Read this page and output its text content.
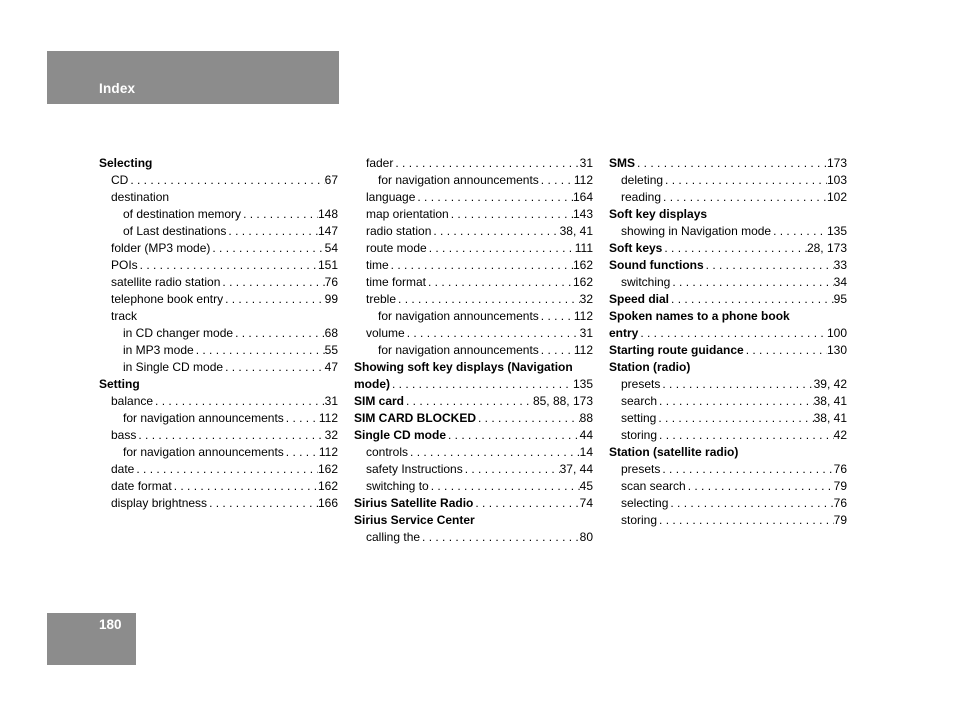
Index
Selecting
CD . . .	67
destination
of destination memory . . .	148
of Last destinations . . .	147
folder (MP3 mode) . . .	54
POIs . . .	151
satellite radio station . . .	76
telephone book entry . . .	99
track
in CD changer mode . . .	68
in MP3 mode . . .	55
in Single CD mode . . .	47
Setting
balance . . .	31
for navigation announcements . . .	112
bass . . .	32
for navigation announcements . . .	112
date . . .	162
date format . . .	162
display brightness . . .	166
fader . . .	31
for navigation announcements . . .	112
language . . .	164
map orientation . . .	143
radio station . . .	38, 41
route mode . . .	111
time . . .	162
time format . . .	162
treble . . .	32
for navigation announcements . . .	112
volume . . .	31
for navigation announcements . . .	112
Showing soft key displays (Navigation
mode) . . .	135
SIM card . . .	85, 88, 173
SIM CARD BLOCKED . . .	88
Single CD mode . . .	44
controls . . .	14
safety Instructions . . .	37, 44
switching to . . .	45
Sirius Satellite Radio . . .	74
Sirius Service Center
calling the . . .	80
SMS . . .	173
deleting . . .	103
reading . . .	102
Soft key displays
showing in Navigation mode . . .	135
Soft keys . . .	28, 173
Sound functions . . .	33
switching . . .	34
Speed dial . . .	95
Spoken names to a phone book
entry . . .	100
Starting route guidance . . .	130
Station (radio)
presets . . .	39, 42
search . . .	38, 41
setting . . .	38, 41
storing . . .	42
Station (satellite radio)
presets . . .	76
scan search . . .	79
selecting . . .	76
storing . . .	79
180
